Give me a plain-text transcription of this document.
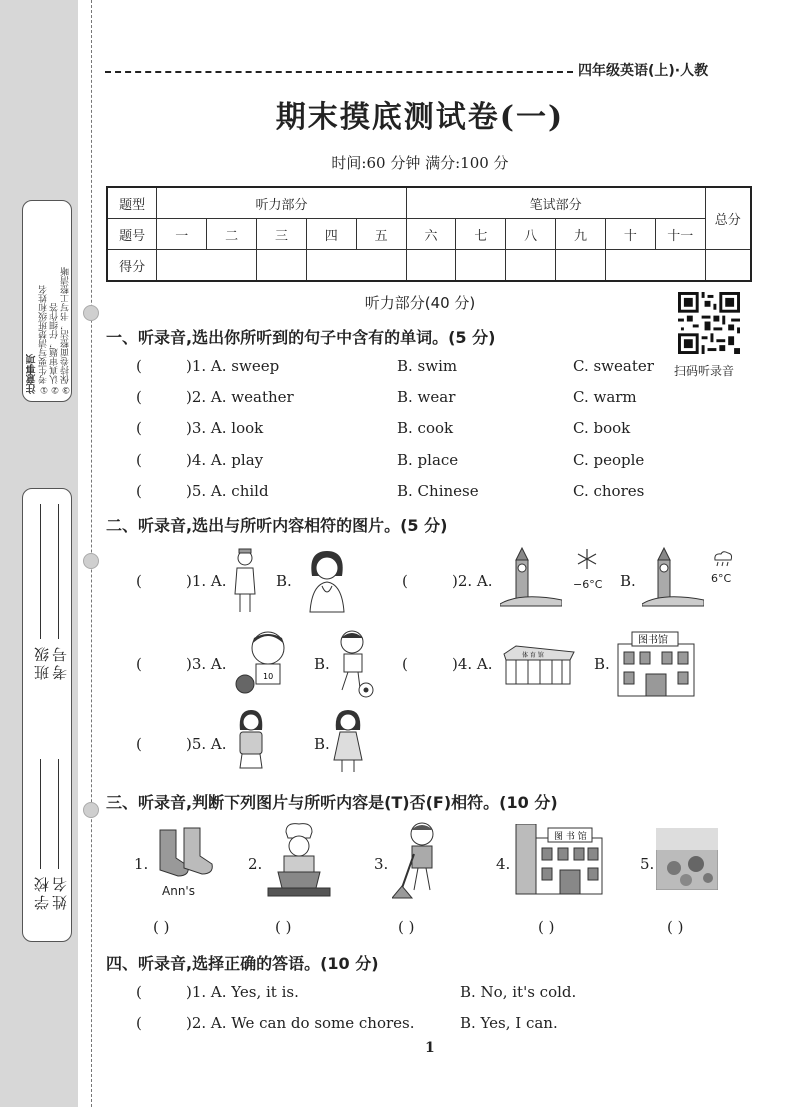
注意事项 ①考生要写清楚班级和姓名 ②认真审题，仔细作答 ③保持卷面整洁，书写工整清晰
学校 姓名
班级 考号
四年级英语(上)·人教
期末摸底测试卷(一)
时间:60 分钟 满分:100 分
题型	听力部分					笔试部分						总分
题号	一	二	三	四	五	六	七	八	九	十	十一	
得分												
听力部分(40 分)
扫码听录音
一、听录音,选出你所听到的句子中含有的单词。(5 分)
(	)1. A. sweep	B. swim	C. sweater
(	)2. A. weather	B. wear	C. warm
(	)3. A. look	B. cook	C. book
(	)4. A. play	B. place	C. people
(	)5. A. child	B. Chinese	C. chores
二、听录音,选出与所听内容相符的图片。(5 分)
(	)1. A.	B.	(	)2. A.	−6°C B.	6°C
(	)3. A.
10
B.	(	)4. A.	体 育 馆	B.
图书馆
(	)5. A.	B.
三、听录音,判断下列图片与所听内容是(T)否(F)相符。(10 分)
1.
Ann's
2.	3.	4.
图 书 馆
5.
( )	( )	( )	( )	( )
四、听录音,选择正确的答语。(10 分)
(	)1. A. Yes, it is.	B. No, it's cold.
(	)2. A. We can do some chores.	B. Yes, I can.
1
